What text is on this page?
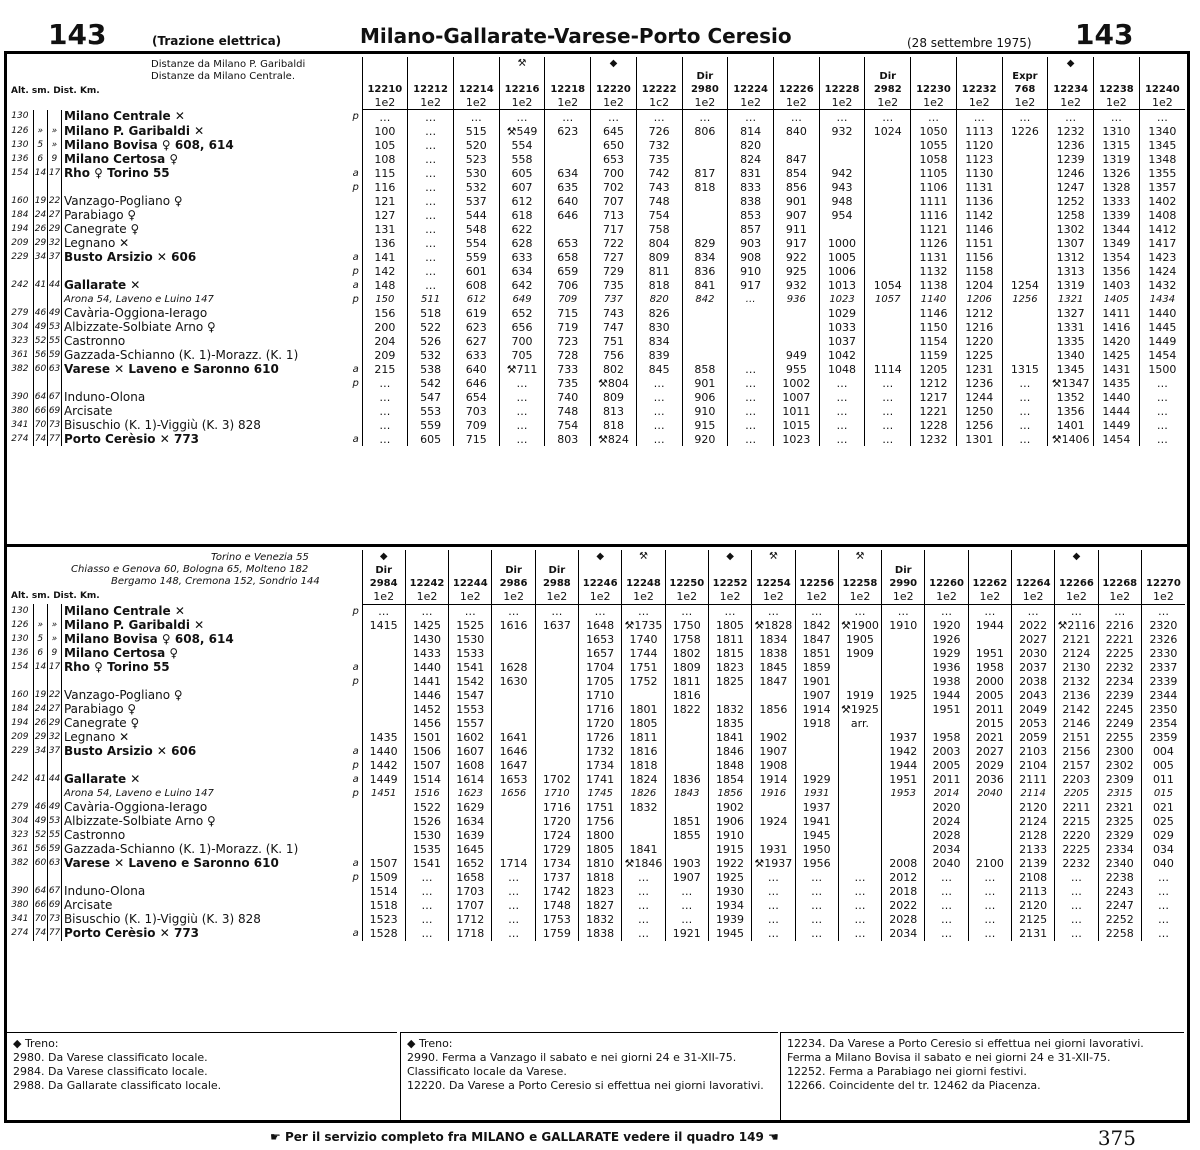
143	(Trazione elettrica)	Milano-Gallarate-Varese-Porto Ceresio	(28 settembre 1975) 143
Distanze da Milano P. Garibaldi
Distanze da Milano Centrale.
Alt. sm. Dist. Km.								⚒		◆										◆		
												Dir				Dir			Expr			
					12210	12212	12214	12216	12218	12220	12222	2980	12224	12226	12228	2982	12230	12232	768	12234	12238	12240
					1e2	1e2	1e2	1e2	1e2	1e2	1c2	1e2	1e2	1e2	1e2	1e2	1e2	1e2	1e2	1e2	1e2	1e2
130			Milano Centrale ✕	p	…	…	…	…	…	…	…	…	…	…	…	…	…	…	…	…	…	…
126	»	»	Milano P. Garibaldi ✕		100	…	515	⚒549	623	645	726	806	814	840	932	1024	1050	1113	1226	1232	1310	1340
130	5	»	Milano Bovisa ♀ 608, 614		105	…	520	554		650	732		820				1055	1120		1236	1315	1345
136	6	9	Milano Certosa ♀		108	…	523	558		653	735		824	847			1058	1123		1239	1319	1348
154	14	17	Rho ♀ Torino 55	a	115	…	530	605	634	700	742	817	831	854	942		1105	1130		1246	1326	1355
				p	116	…	532	607	635	702	743	818	833	856	943		1106	1131		1247	1328	1357
160	19	22	Vanzago-Pogliano ♀		121	…	537	612	640	707	748		838	901	948		1111	1136		1252	1333	1402
184	24	27	Parabiago ♀		127	…	544	618	646	713	754		853	907	954		1116	1142		1258	1339	1408
194	26	29	Canegrate ♀		131	…	548	622		717	758		857	911			1121	1146		1302	1344	1412
209	29	32	Legnano ✕		136	…	554	628	653	722	804	829	903	917	1000		1126	1151		1307	1349	1417
229	34	37	Busto Arsizio ✕ 606	a	141	…	559	633	658	727	809	834	908	922	1005		1131	1156		1312	1354	1423
				p	142	…	601	634	659	729	811	836	910	925	1006		1132	1158		1313	1356	1424
242	41	44	Gallarate ✕	a	148	…	608	642	706	735	818	841	917	932	1013	1054	1138	1204	1254	1319	1403	1432
			Arona 54, Laveno e Luino 147	p	150	511	612	649	709	737	820	842	…	936	1023	1057	1140	1206	1256	1321	1405	1434
279	46	49	Cavària-Oggiona-Ierago		156	518	619	652	715	743	826				1029		1146	1212		1327	1411	1440
304	49	53	Albizzate-Solbiate Arno ♀		200	522	623	656	719	747	830				1033		1150	1216		1331	1416	1445
323	52	55	Castronno		204	526	627	700	723	751	834				1037		1154	1220		1335	1420	1449
361	56	59	Gazzada-Schianno (K. 1)-Morazz. (K. 1)		209	532	633	705	728	756	839			949	1042		1159	1225		1340	1425	1454
382	60	63	Varese ✕ Laveno e Saronno 610	a	215	538	640	⚒711	733	802	845	858	…	955	1048	1114	1205	1231	1315	1345	1431	1500
				p	…	542	646	…	735	⚒804	…	901	…	1002	…	…	1212	1236	…	⚒1347	1435	…
390	64	67	Induno-Olona		…	547	654	…	740	809	…	906	…	1007	…	…	1217	1244	…	1352	1440	…
380	66	69	Arcisate		…	553	703	…	748	813	…	910	…	1011	…	…	1221	1250	…	1356	1444	…
341	70	73	Bisuschio (K. 1)-Viggiù (K. 3) 828		…	559	709	…	754	818	…	915	…	1015	…	…	1228	1256	…	1401	1449	…
274	74	77	Porto Cerèsio ✕ 773	a	…	605	715	…	803	⚒824	…	920	…	1023	…	…	1232	1301	…	⚒1406	1454	…
Torino e Venezia 55
Chiasso e Genova 60, Bologna 65, Molteno 182
Bergamo 148, Cremona 152, Sondrio 144
Alt. sm. Dist. Km.					◆					◆	⚒		◆	⚒		⚒					◆		
					Dir			Dir	Dir								Dir						
					2984	12242	12244	2986	2988	12246	12248	12250	12252	12254	12256	12258	2990	12260	12262	12264	12266	12268	12270
					1e2	1e2	1e2	1e2	1e2	1e2	1e2	1e2	1e2	1e2	1e2	1e2	1e2	1e2	1e2	1e2	1e2	1e2	1e2
130			Milano Centrale ✕	p	…	…	…	…	…	…	…	…	…	…	…	…	…	…	…	…	…	…	…
126	»	»	Milano P. Garibaldi ✕		1415	1425	1525	1616	1637	1648	⚒1735	1750	1805	⚒1828	1842	⚒1900	1910	1920	1944	2022	⚒2116	2216	2320
130	5	»	Milano Bovisa ♀ 608, 614			1430	1530			1653	1740	1758	1811	1834	1847	1905		1926		2027	2121	2221	2326
136	6	9	Milano Certosa ♀			1433	1533			1657	1744	1802	1815	1838	1851	1909		1929	1951	2030	2124	2225	2330
154	14	17	Rho ♀ Torino 55	a		1440	1541	1628		1704	1751	1809	1823	1845	1859			1936	1958	2037	2130	2232	2337
				p		1441	1542	1630		1705	1752	1811	1825	1847	1901			1938	2000	2038	2132	2234	2339
160	19	22	Vanzago-Pogliano ♀			1446	1547			1710		1816			1907	1919	1925	1944	2005	2043	2136	2239	2344
184	24	27	Parabiago ♀			1452	1553			1716	1801	1822	1832	1856	1914	⚒1925		1951	2011	2049	2142	2245	2350
194	26	29	Canegrate ♀			1456	1557			1720	1805		1835		1918	arr.			2015	2053	2146	2249	2354
209	29	32	Legnano ✕		1435	1501	1602	1641		1726	1811		1841	1902			1937	1958	2021	2059	2151	2255	2359
229	34	37	Busto Arsizio ✕ 606	a	1440	1506	1607	1646		1732	1816		1846	1907			1942	2003	2027	2103	2156	2300	004
				p	1442	1507	1608	1647		1734	1818		1848	1908			1944	2005	2029	2104	2157	2302	005
242	41	44	Gallarate ✕	a	1449	1514	1614	1653	1702	1741	1824	1836	1854	1914	1929		1951	2011	2036	2111	2203	2309	011
			Arona 54, Laveno e Luino 147	p	1451	1516	1623	1656	1710	1745	1826	1843	1856	1916	1931		1953	2014	2040	2114	2205	2315	015
279	46	49	Cavària-Oggiona-Ierago			1522	1629		1716	1751	1832		1902		1937			2020		2120	2211	2321	021
304	49	53	Albizzate-Solbiate Arno ♀			1526	1634		1720	1756		1851	1906	1924	1941			2024		2124	2215	2325	025
323	52	55	Castronno			1530	1639		1724	1800		1855	1910		1945			2028		2128	2220	2329	029
361	56	59	Gazzada-Schianno (K. 1)-Morazz. (K. 1)			1535	1645		1729	1805	1841		1915	1931	1950			2034		2133	2225	2334	034
382	60	63	Varese ✕ Laveno e Saronno 610	a	1507	1541	1652	1714	1734	1810	⚒1846	1903	1922	⚒1937	1956		2008	2040	2100	2139	2232	2340	040
				p	1509	…	1658	…	1737	1818	…	1907	1925	…	…	…	2012	…	…	2108	…	2238	…
390	64	67	Induno-Olona		1514	…	1703	…	1742	1823	…	…	1930	…	…	…	2018	…	…	2113	…	2243	…
380	66	69	Arcisate		1518	…	1707	…	1748	1827	…	…	1934	…	…	…	2022	…	…	2120	…	2247	…
341	70	73	Bisuschio (K. 1)-Viggiù (K. 3) 828		1523	…	1712	…	1753	1832	…	…	1939	…	…	…	2028	…	…	2125	…	2252	…
274	74	77	Porto Cerèsio ✕ 773	a	1528	…	1718	…	1759	1838	…	1921	1945	…	…	…	2034	…	…	2131	…	2258	…
◆ Treno:
2980. Da Varese classificato locale.
2984. Da Varese classificato locale.
2988. Da Gallarate classificato locale.
◆ Treno:
2990. Ferma a Vanzago il sabato e nei giorni 24 e 31-XII-75.
Classificato locale da Varese.
12220. Da Varese a Porto Ceresio si effettua nei giorni lavorativi.
12234. Da Varese a Porto Ceresio si effettua nei giorni lavorativi.
Ferma a Milano Bovisa il sabato e nei giorni 24 e 31-XII-75.
12252. Ferma a Parabiago nei giorni festivi.
12266. Coincidente del tr. 12462 da Piacenza.
☛ Per il servizio completo fra MILANO e GALLARATE vedere il quadro 149 ☚	375
